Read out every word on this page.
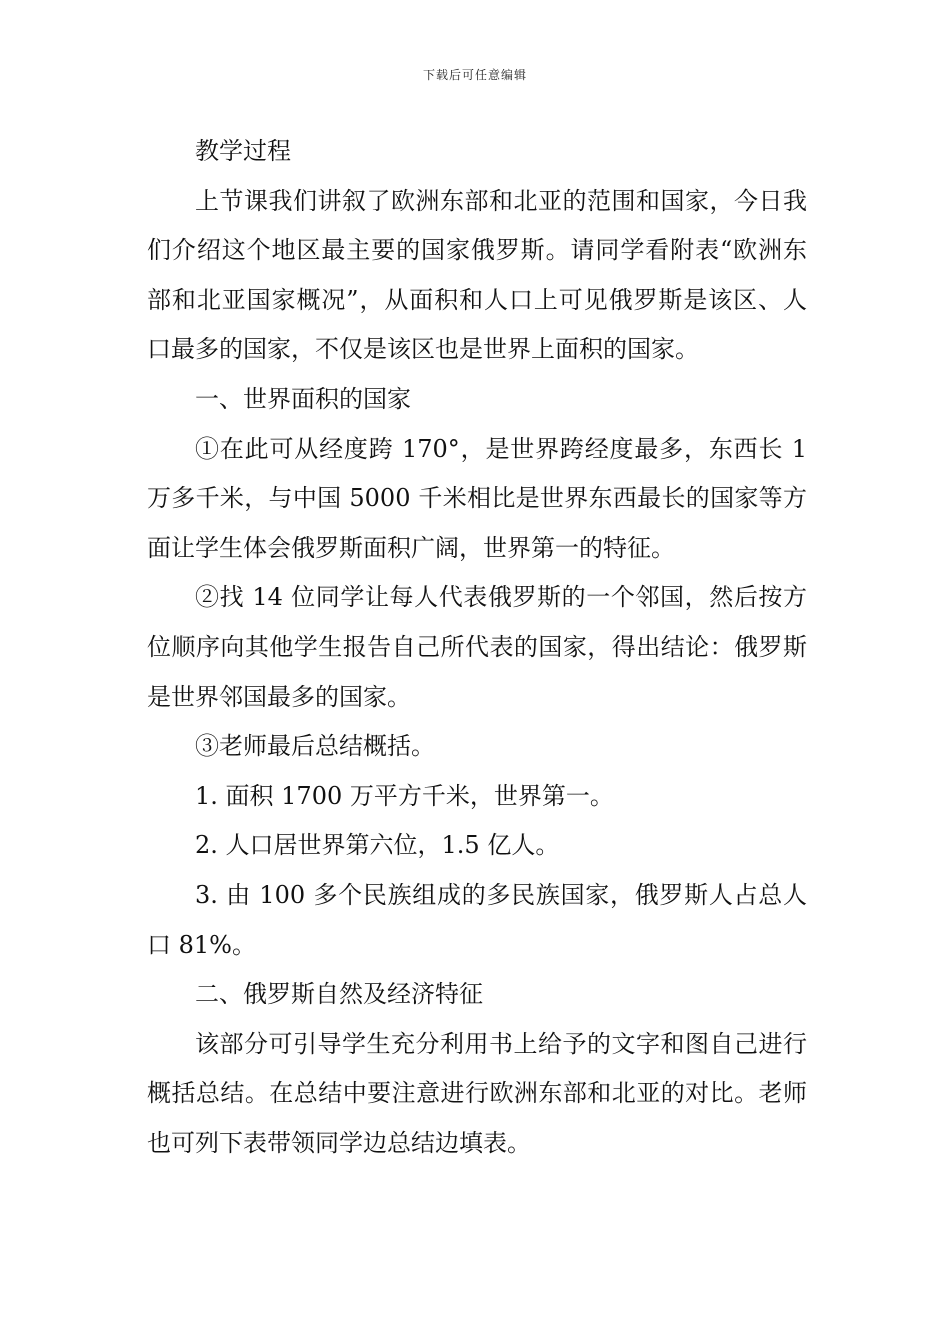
下载后可任意编辑

教学过程

上节课我们讲叙了欧洲东部和北亚的范围和国家，今日我们介绍这个地区最主要的国家俄罗斯。请同学看附表“欧洲东部和北亚国家概况”，从面积和人口上可见俄罗斯是该区、人口最多的国家，不仅是该区也是世界上面积的国家。

一、世界面积的国家

①在此可从经度跨 170°，是世界跨经度最多，东西长 1 万多千米，与中国 5000 千米相比是世界东西最长的国家等方面让学生体会俄罗斯面积广阔，世界第一的特征。

②找 14 位同学让每人代表俄罗斯的一个邻国，然后按方位顺序向其他学生报告自己所代表的国家，得出结论：俄罗斯是世界邻国最多的国家。

③老师最后总结概括。

1. 面积 1700 万平方千米，世界第一。

2. 人口居世界第六位，1.5 亿人。

3. 由 100 多个民族组成的多民族国家，俄罗斯人占总人口 81%。

二、俄罗斯自然及经济特征

该部分可引导学生充分利用书上给予的文字和图自己进行概括总结。在总结中要注意进行欧洲东部和北亚的对比。老师也可列下表带领同学边总结边填表。
